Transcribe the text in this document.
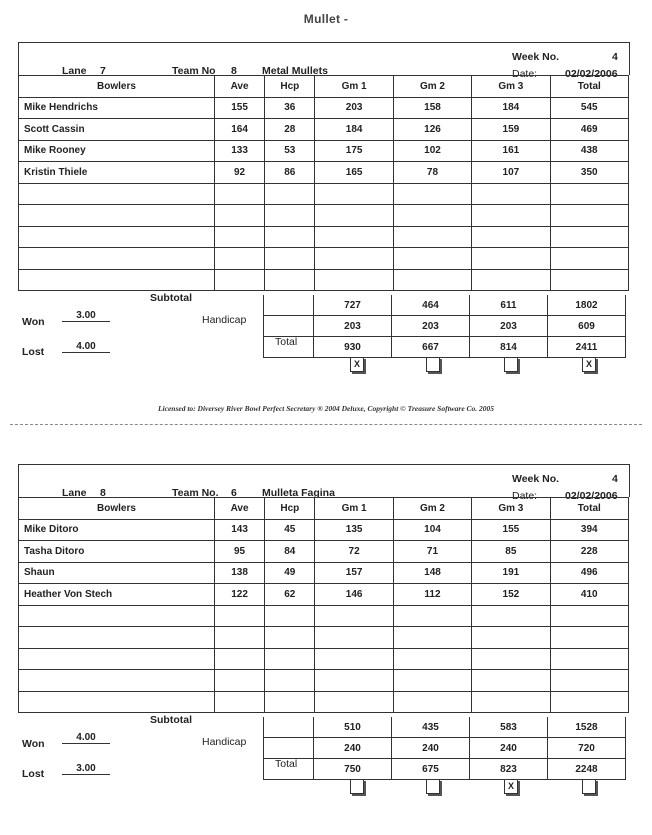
Mullet -
Licensed to: Diversey River Bowl Perfect Secretary ® 2004 Deluxe, Copyright © Treasure Software Co. 2005
Lane 7	Team No 8 Metal Mullets
Week No.	4
Date:	02/02/2006
Bowlers	Ave	Hcp	Gm 1	Gm 2	Gm 3	Total
Mike Hendrichs	155	36	203	158	184	545
Scott Cassin	164	28	184	126	159	469
Mike Rooney	133	53	175	102	161	438
Kristin Thiele	92	86	165	78	107	350

	727	464	611	1802
	203	203	203	609
	930	667	814	2411
Subtotal
Handicap
Total
Won
3.00
Lost	4.00
X	X
Lane 8	Team No. 6 Mulleta Fagina
Week No.	4
Date:	02/02/2006
Bowlers	Ave	Hcp	Gm 1	Gm 2	Gm 3	Total
Mike Ditoro	143	45	135	104	155	394
Tasha Ditoro	95	84	72	71	85	228
Shaun	138	49	157	148	191	496
Heather Von Stech	122	62	146	112	152	410

	510	435	583	1528
	240	240	240	720
	750	675	823	2248
Subtotal
Handicap
Total
Won
4.00
Lost	3.00
X
